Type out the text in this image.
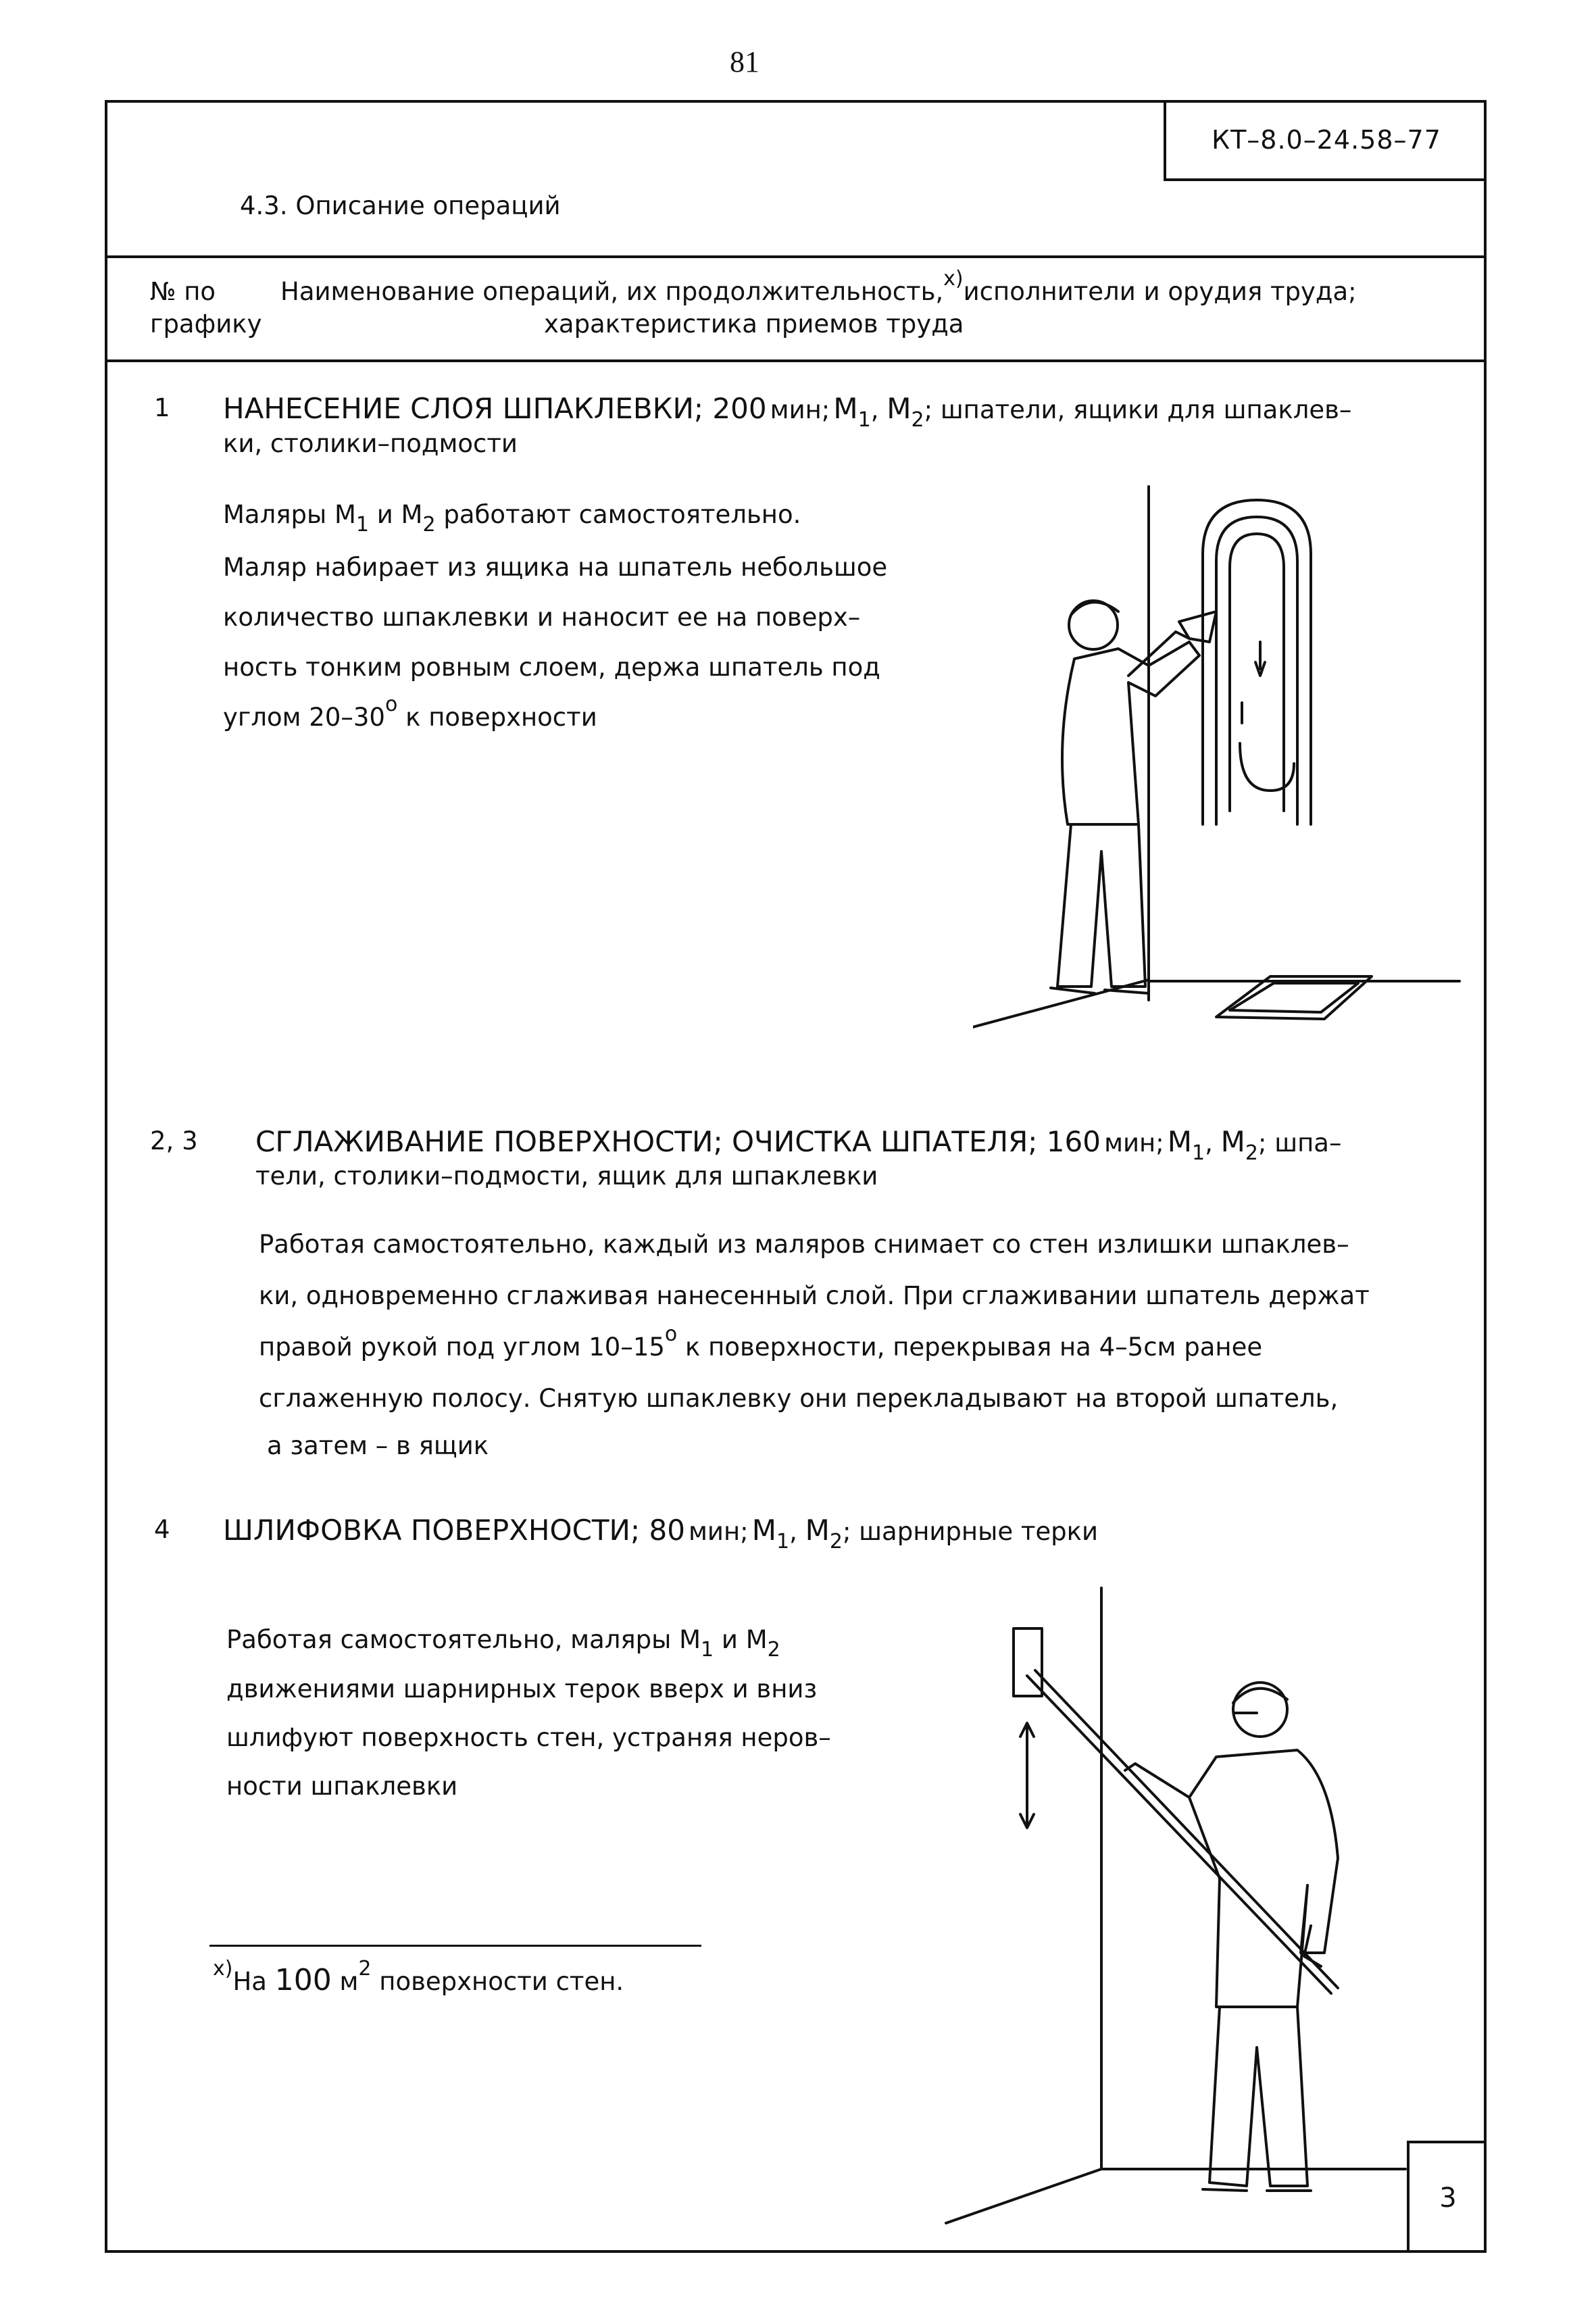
81
КТ–8.0–24.58–77
4.3. Описание операций
№ по
графику
Наименование операций, их продолжительность,$^{x)}$исполнители и орудия труда;
характеристика приемов труда
1 НАНЕСЕНИЕ СЛОЯ ШПАКЛЕВКИ; 200 мин; М1, М2; шпатели, ящики для шпаклев–
ки, столики–подмости
Маляры $М_1$ и $М_2$ работают самостоятельно.
Маляр набирает из ящика на шпатель небольшое
количество шпаклевки и наносит ее на поверх–
ность тонким ровным слоем, держа шпатель под
углом $20-30^о$ к поверхности
2, 3 СГЛАЖИВАНИЕ ПОВЕРХНОСТИ; ОЧИСТКА ШПАТЕЛЯ; 160 мин; М1, М2; шпа–
тели, столики–подмости, ящик для шпаклевки
Работая самостоятельно, каждый из маляров снимает со стен излишки шпаклев–
ки, одновременно сглаживая нанесенный слой. При сглаживании шпатель держат
правой рукой под углом $10-15^о$ к поверхности, перекрывая на 4–5см ранее
сглаженную полосу. Снятую шпаклевку они перекладывают на второй шпатель,
а затем – в ящик
4 ШЛИФОВКА ПОВЕРХНОСТИ; 80 мин; М1, М2; шарнирные терки
Работая самостоятельно, маляры $М_1$ и $М_2$
движениями шарнирных терок вверх и вниз
шлифуют поверхность стен, устраняя неров–
ности шпаклевки
$^{x)}$На 100 $м^2$ поверхности стен.
3
